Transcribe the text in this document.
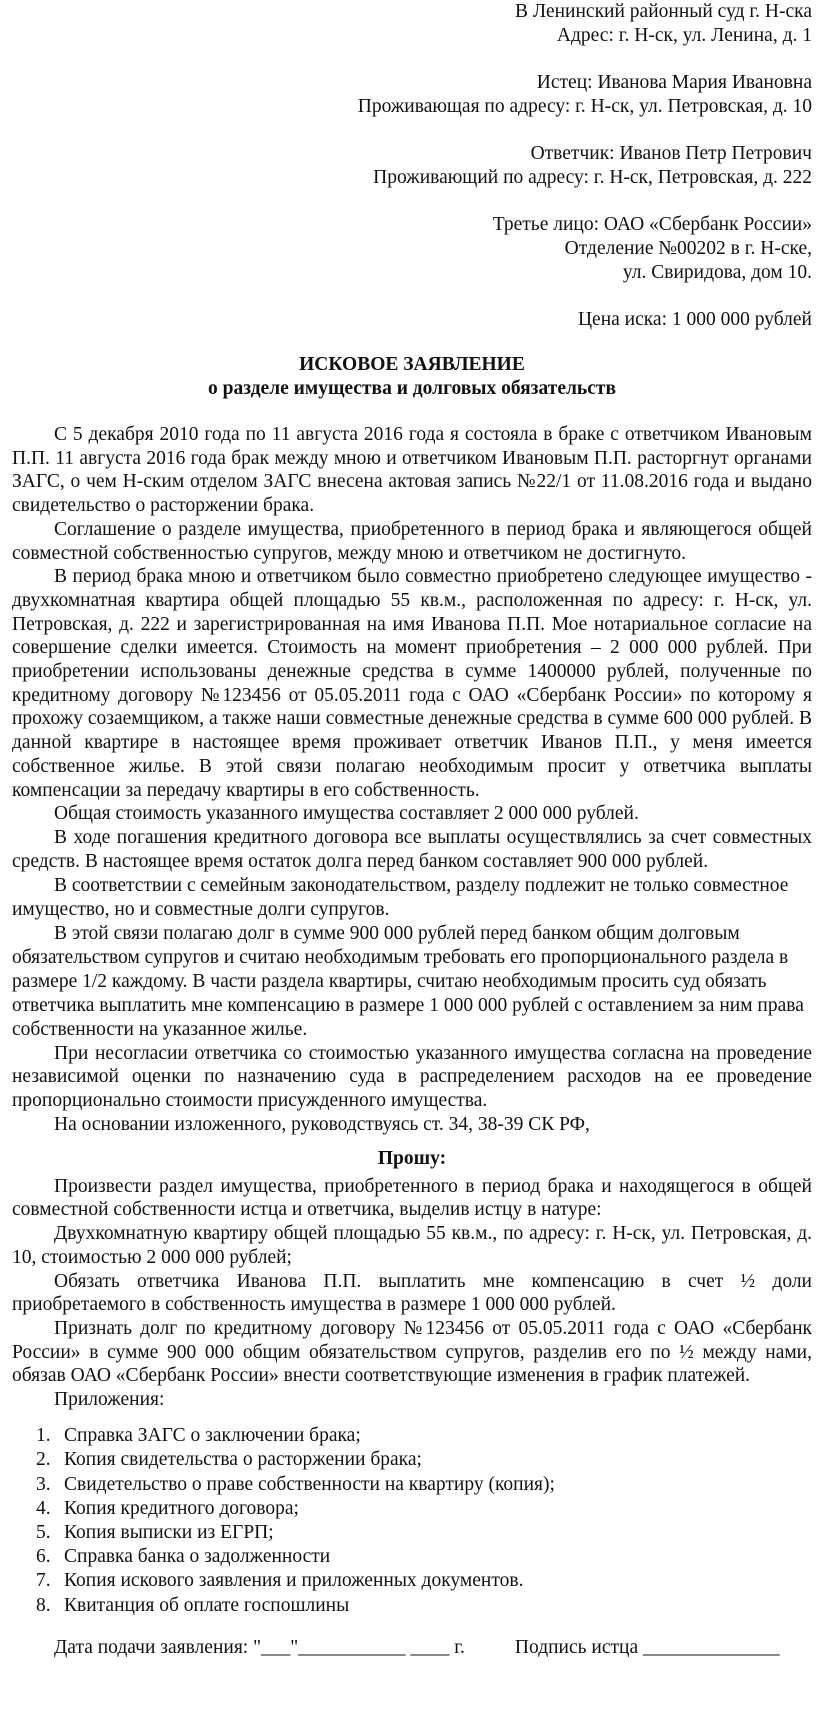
В Ленинский районный суд г. Н-ска
Адрес: г. Н-ск, ул. Ленина, д. 1
Истец: Иванова Мария Ивановна
Проживающая по адресу: г. Н-ск, ул. Петровская, д. 10
Ответчик: Иванов Петр Петрович
Проживающий по адресу: г. Н-ск, Петровская, д. 222
Третье лицо: ОАО «Сбербанк России»
Отделение №00202 в г. Н-ске,
ул. Свиридова, дом 10.
Цена иска: 1 000 000 рублей
ИСКОВОЕ ЗАЯВЛЕНИЕ
о разделе имущества и долговых обязательств

С 5 декабря 2010 года по 11 августа 2016 года я состояла в браке с ответчиком Ивановым П.П. 11 августа 2016 года брак между мною и ответчиком Ивановым П.П. расторгнут органами ЗАГС, о чем Н-ским отделом ЗАГС внесена актовая запись №22/1 от 11.08.2016 года и выдано свидетельство о расторжении брака.

Соглашение о разделе имущества, приобретенного в период брака и являющегося общей совместной собственностью супругов, между мною и ответчиком не достигнуто.

В период брака мною и ответчиком было совместно приобретено следующее имущество - двухкомнатная квартира общей площадью 55 кв.м., расположенная по адресу: г. Н-ск, ул. Петровская, д. 222 и зарегистрированная на имя Иванова П.П. Мое нотариальное согласие на совершение сделки имеется. Стоимость на момент приобретения – 2 000 000 рублей. При приобретении использованы денежные средства в сумме 1400000 рублей, полученные по кредитному договору №123456 от 05.05.2011 года с ОАО «Сбербанк России» по которому я прохожу созаемщиком, а также наши совместные денежные средства в сумме 600 000 рублей. В данной квартире в настоящее время проживает ответчик Иванов П.П., у меня имеется собственное жилье. В этой связи полагаю необходимым просит у ответчика выплаты компенсации за передачу квартиры в его собственность.

Общая стоимость указанного имущества составляет 2 000 000 рублей.

В ходе погашения кредитного договора все выплаты осуществлялись за счет совместных средств. В настоящее время остаток долга перед банком составляет 900 000 рублей.

В соответствии с семейным законодательством, разделу подлежит не только совместное имущество, но и совместные долги супругов.

В этой связи полагаю долг в сумме 900 000 рублей перед банком общим долговым обязательством супругов и считаю необходимым требовать его пропорционального раздела в размере 1/2 каждому. В части раздела квартиры, считаю необходимым просить суд обязать ответчика выплатить мне компенсацию в размере 1 000 000 рублей с оставлением за ним права собственности на указанное жилье.

При несогласии ответчика со стоимостью указанного имущества согласна на проведение независимой оценки по назначению суда в распределением расходов на ее проведение пропорционально стоимости присужденного имущества.

На основании изложенного, руководствуясь ст. 34, 38-39 СК РФ,

Прошу:

Произвести раздел имущества, приобретенного в период брака и находящегося в общей совместной собственности истца и ответчика, выделив истцу в натуре:

Двухкомнатную квартиру общей площадью 55 кв.м., по адресу: г. Н-ск, ул. Петровская, д. 10, стоимостью 2 000 000 рублей;

Обязать ответчика Иванова П.П. выплатить мне компенсацию в счет ½ доли приобретаемого в собственность имущества в размере 1 000 000 рублей.

Признать долг по кредитному договору №123456 от 05.05.2011 года с ОАО «Сбербанк России» в сумме 900 000 общим обязательством супругов, разделив его по ½ между нами, обязав ОАО «Сбербанк России» внести соответствующие изменения в график платежей.

Приложения:

1. Справка ЗАГС о заключении брака;
2. Копия свидетельства о расторжении брака;
3. Свидетельство о праве собственности на квартиру (копия);
4. Копия кредитного договора;
5. Копия выписки из ЕГРП;
6. Справка банка о задолженности
7. Копия искового заявления и приложенных документов.
8. Квитанция об оплате госпошлины
Дата подачи заявления: "___"___________ ____ г.	Подпись истца ______________
